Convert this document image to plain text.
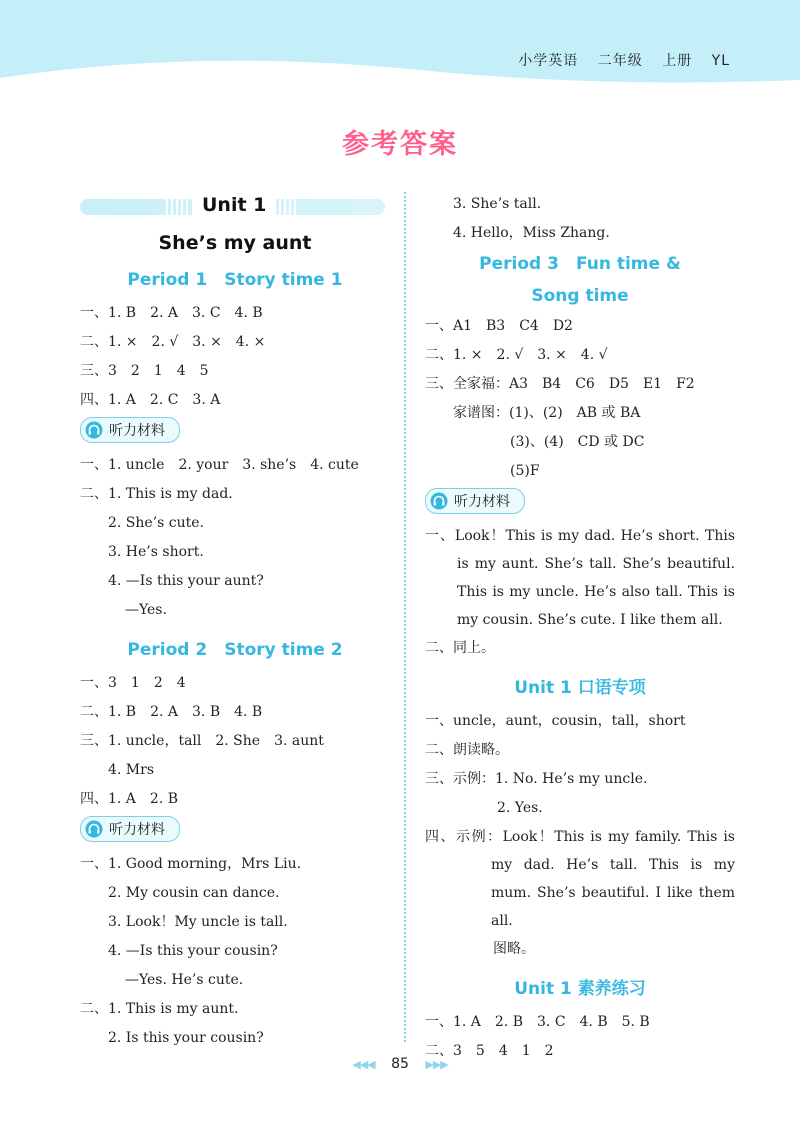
小学英语 二年级 上册 YL
参考答案
Unit 1
She’s my aunt
Period 1　Story time 1
一、1. B　2. A　3. C　4. B
二、1. ×　2. √　3. ×　4. ×
三、3　2　1　4　5
四、1. A　2. C　3. A
听力材料
一、1. uncle　2. your　3. she’s　4. cute
二、1. This is my dad.
2. She’s cute.
3. He’s short.
4. —Is this your aunt?
—Yes.
Period 2　Story time 2
一、3　1　2　4
二、1. B　2. A　3. B　4. B
三、1. uncle，tall　2. She　3. aunt
4. Mrs
四、1. A　2. B
听力材料
一、1. Good morning，Mrs Liu.
2. My cousin can dance.
3. Look！My uncle is tall.
4. —Is this your cousin?
—Yes. He’s cute.
二、1. This is my aunt.
2. Is this your cousin?
3. She’s tall.
4. Hello，Miss Zhang.
Period 3　Fun time &
Song time
一、A1　B3　C4　D2
二、1. ×　2. √　3. ×　4. √
三、全家福：A3　B4　C6　D5　E1　F2
家谱图：(1)、(2)　AB 或 BA
(3)、(4)　CD 或 DC
(5)F
听力材料
一、Look！This is my dad. He’s short. This is my aunt. She’s tall. She’s beautiful. This is my uncle. He’s also tall. This is my cousin. She’s cute. I like them all.
二、同上。
Unit 1 口语专项
一、uncle，aunt，cousin，tall，short
二、朗读略。
三、示例：1. No. He’s my uncle.
2. Yes.
四、示例：Look！This is my family. This is my dad. He’s tall. This is my mum. She’s beautiful. I like them all.
图略。
Unit 1 素养练习
一、1. A　2. B　3. C　4. B　5. B
二、3　5　4　1　2
◀◀◀ 85 ▶▶▶
